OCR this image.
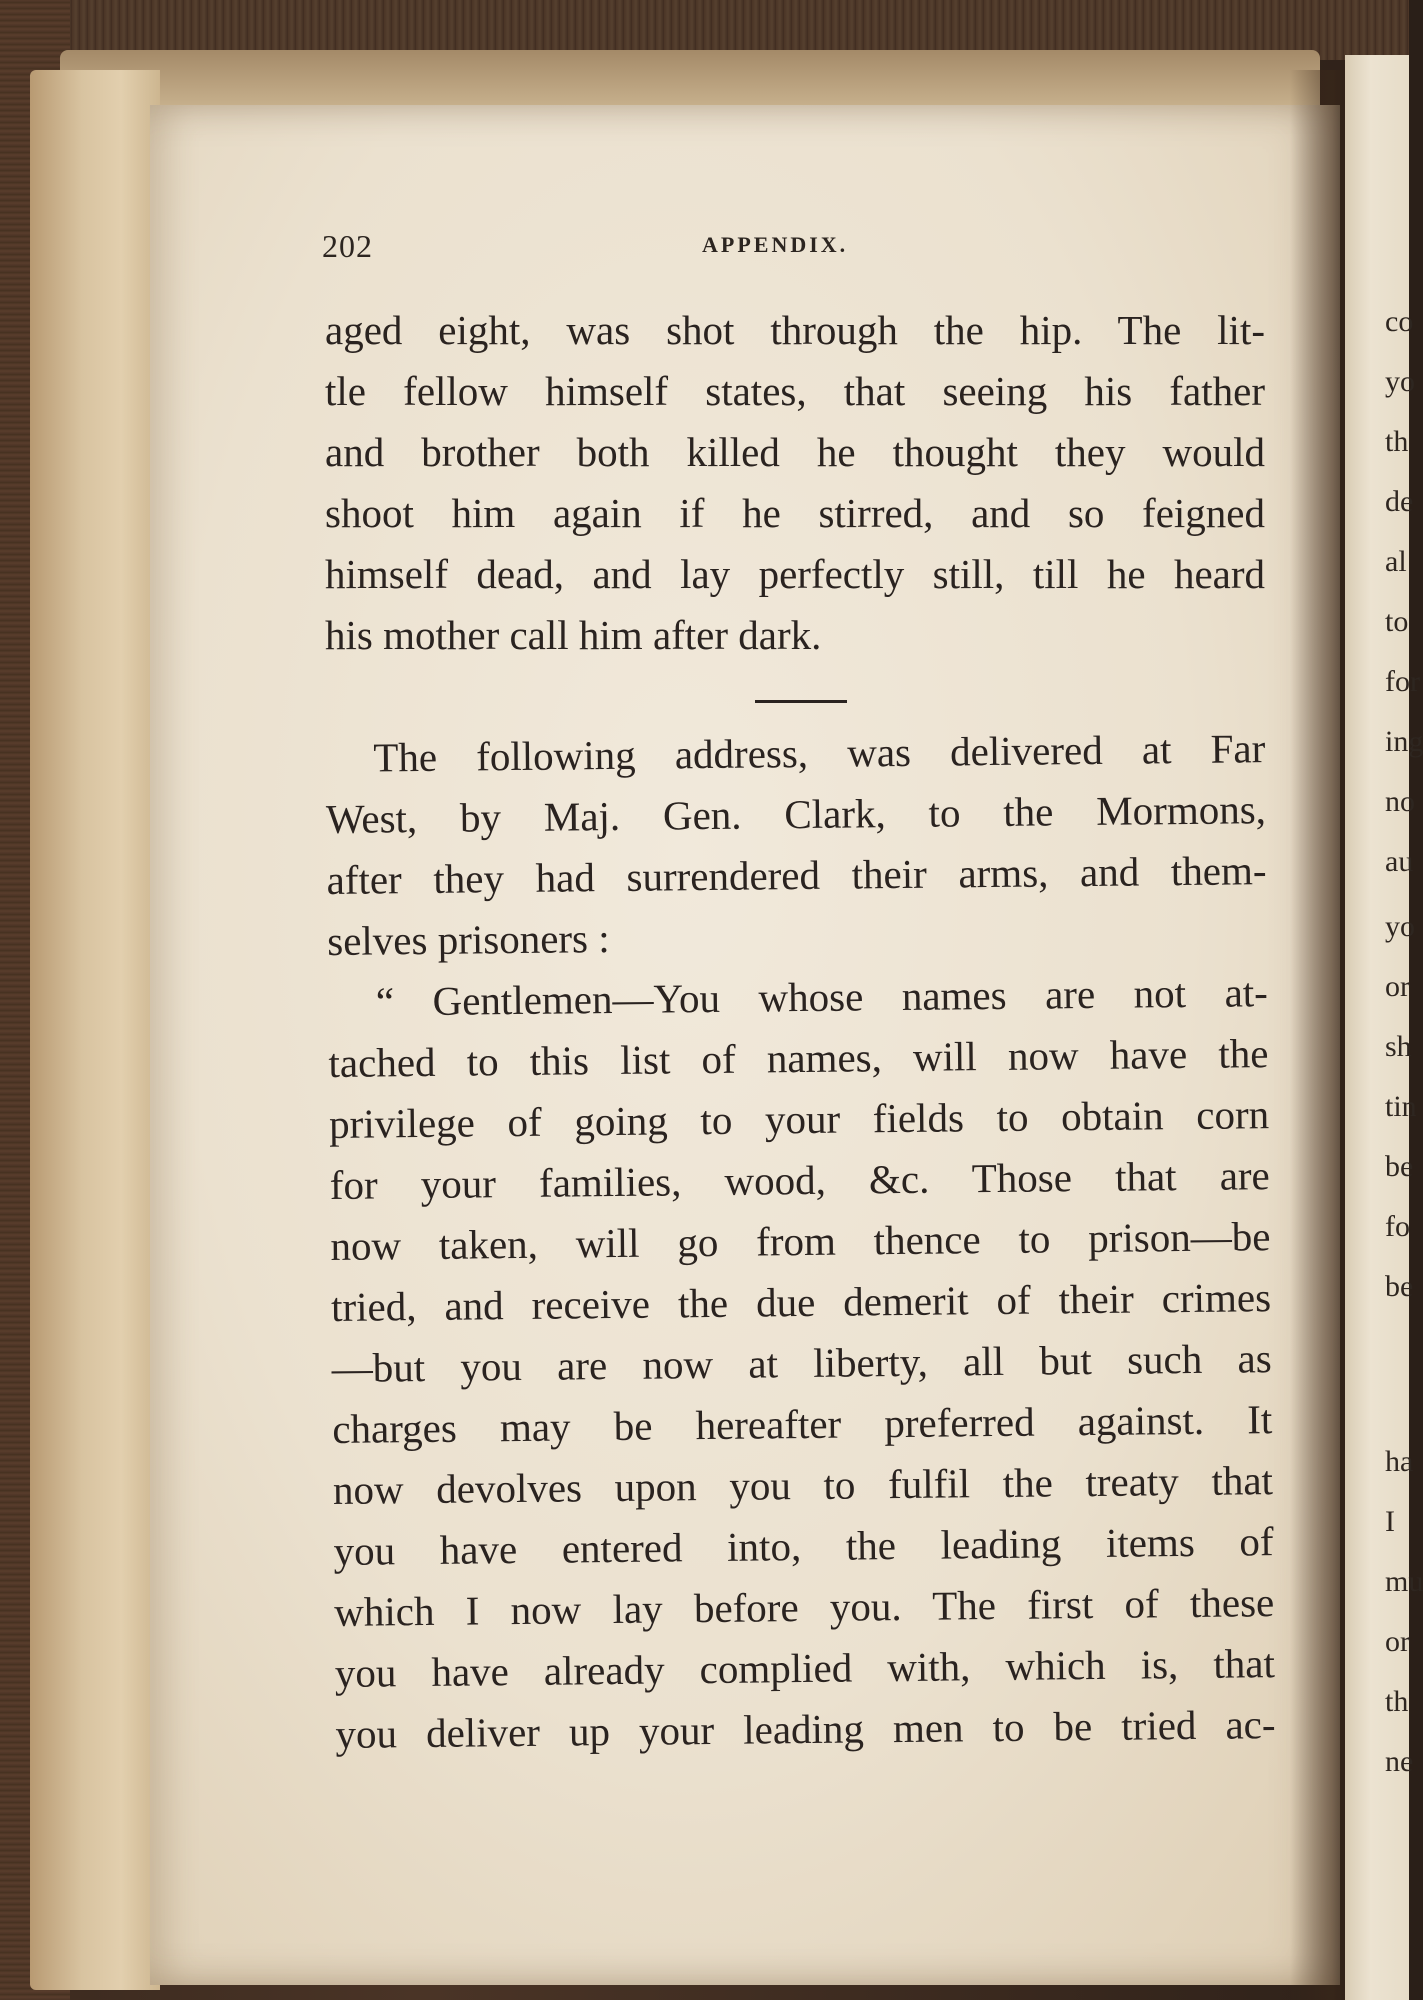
202	APPENDIX.
aged eight, was shot through the hip. The lit-
tle fellow himself states, that seeing his father
and brother both killed he thought they would
shoot him again if he stirred, and so feigned
himself dead, and lay perfectly still, till he heard
his mother call him after dark.
The following address, was delivered at Far
West, by Maj. Gen. Clark, to the Mormons,
after they had surrendered their arms, and them-
selves prisoners :
“ Gentlemen—You whose names are not at-
tached to this list of names, will now have the
privilege of going to your fields to obtain corn
for your families, wood, &c. Those that are
now taken, will go from thence to prison—be
tried, and receive the due demerit of their crimes
—but you are now at liberty, all but such as
charges may be hereafter preferred against. It
now devolves upon you to fulfil the treaty that
you have entered into, the leading items of
which I now lay before you. The first of these
you have already complied with, which is, that
you deliver up your leading men to be tried ac-
co
yo
th
de
al
to
for
ing
no
au
yo
or
sh
tin
be
fo
be
ha
I
mu
or
th
ne
